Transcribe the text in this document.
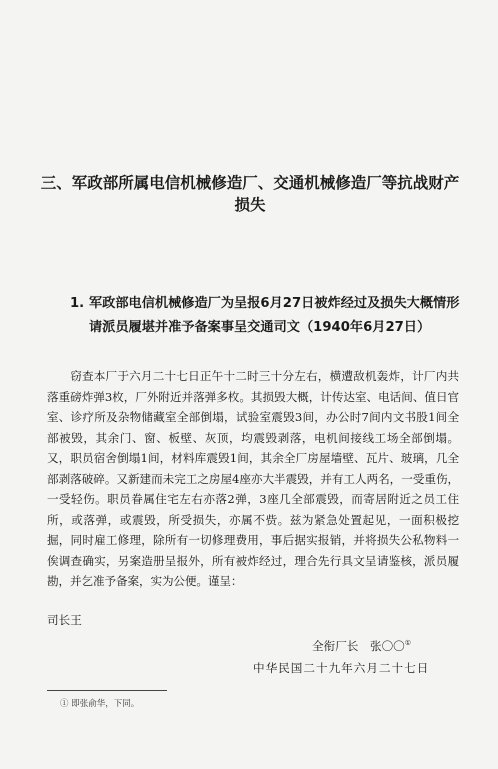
三、军政部所属电信机械修造厂、交通机械修造厂等抗战财产损失
1. 军政部电信机械修造厂为呈报6月27日被炸经过及损失大概情形请派员履堪并准予备案事呈交通司文（1940年6月27日）

窃查本厂于六月二十七日正午十二时三十分左右，横遭敌机轰炸，计厂内共落重磅炸弹3枚，厂外附近并落弹多枚。其损毁大概，计传达室、电话间、值日官室、诊疗所及杂物储藏室全部倒塌，试验室震毁3间，办公时7间内文书股1间全部被毁，其余门、窗、板壁、灰顶，均震毁剥落，电机间接线工场全部倒塌。又，职员宿舍倒塌1间，材料库震毁1间，其余全厂房屋墙壁、瓦片、玻璃，几全部剥落破碎。又新建而未完工之房屋4座亦大半震毁，并有工人两名，一受重伤，一受轻伤。职员眷属住宅左右亦落2弹，3座几全部震毁，而寄居附近之员工住所，或落弹，或震毁，所受损失，亦属不赀。兹为紧急处置起见，一面积极挖掘，同时雇工修理，除所有一切修理费用，事后据实报销，并将损失公私物料一俟调查确实，另案造册呈报外，所有被炸经过，理合先行具文呈请鉴核，派员履勘，并乞准予备案，实为公便。谨呈：

司长王
全衔厂长　张〇〇①
中华民国二十九年六月二十七日
① 即张俞华，下同。
